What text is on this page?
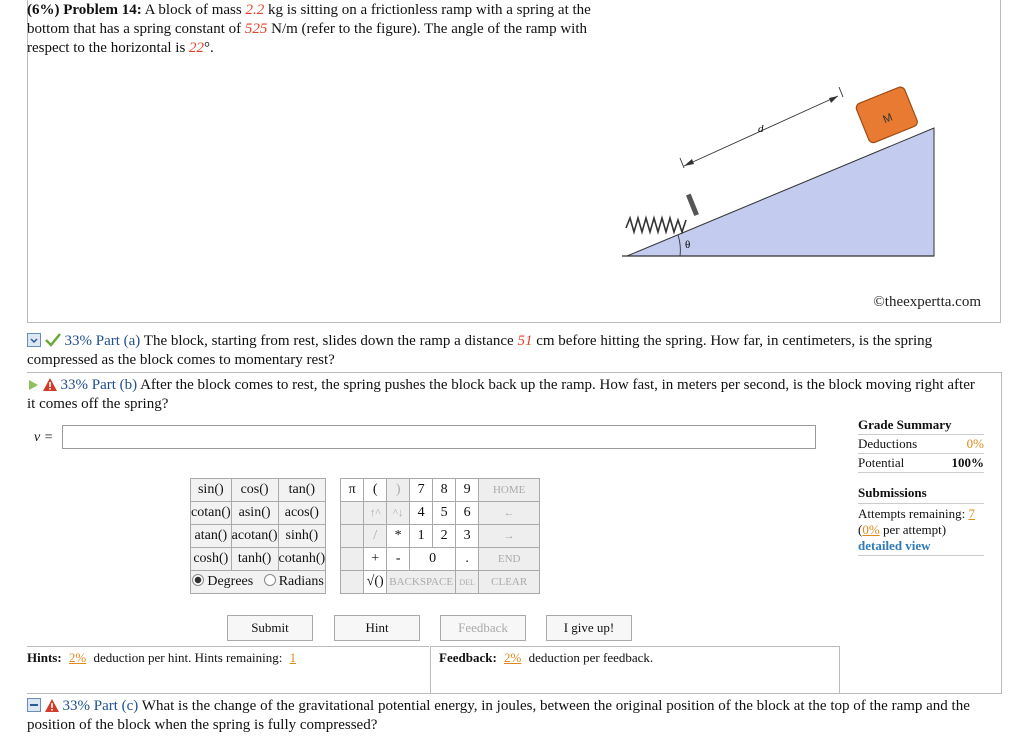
(6%) Problem 14: A block of mass 2.2 kg is sitting on a frictionless ramp with a spring at the bottom that has a spring constant of 525 N/m (refer to the figure). The angle of the ramp with respect to the horizontal is 22°.
M
d
θ
©theexpertta.com
33% Part (a) The block, starting from rest, slides down the ramp a distance 51 cm before hitting the spring. How far, in centimeters, is the spring compressed as the block comes to momentary rest?
33% Part (b) After the block comes to rest, the spring pushes the block back up the ramp. How fast, in meters per second, is the block moving right after it comes off the spring?
v =
Grade Summary
Deductions	0%
Potential	100%
Submissions
Attempts remaining: 7
(0% per attempt)
detailed view
sin()	cos()	tan()		π	(	)	7	8	9	HOME
cotan()	asin()	acos()			↑^	^↓	4	5	6	←
atan()	acotan()	sinh()			/	*	1	2	3	→
cosh()	tanh()	cotanh()			+	-	0		.	END
Degrees Radians					√()	BACKSPACE			DEL	CLEAR
Submit	Hint	Feedback	I give up!
Hints: 2% deduction per hint. Hints remaining: 1	Feedback: 2% deduction per feedback.
33% Part (c) What is the change of the gravitational potential energy, in joules, between the original position of the block at the top of the ramp and the position of the block when the spring is fully compressed?
